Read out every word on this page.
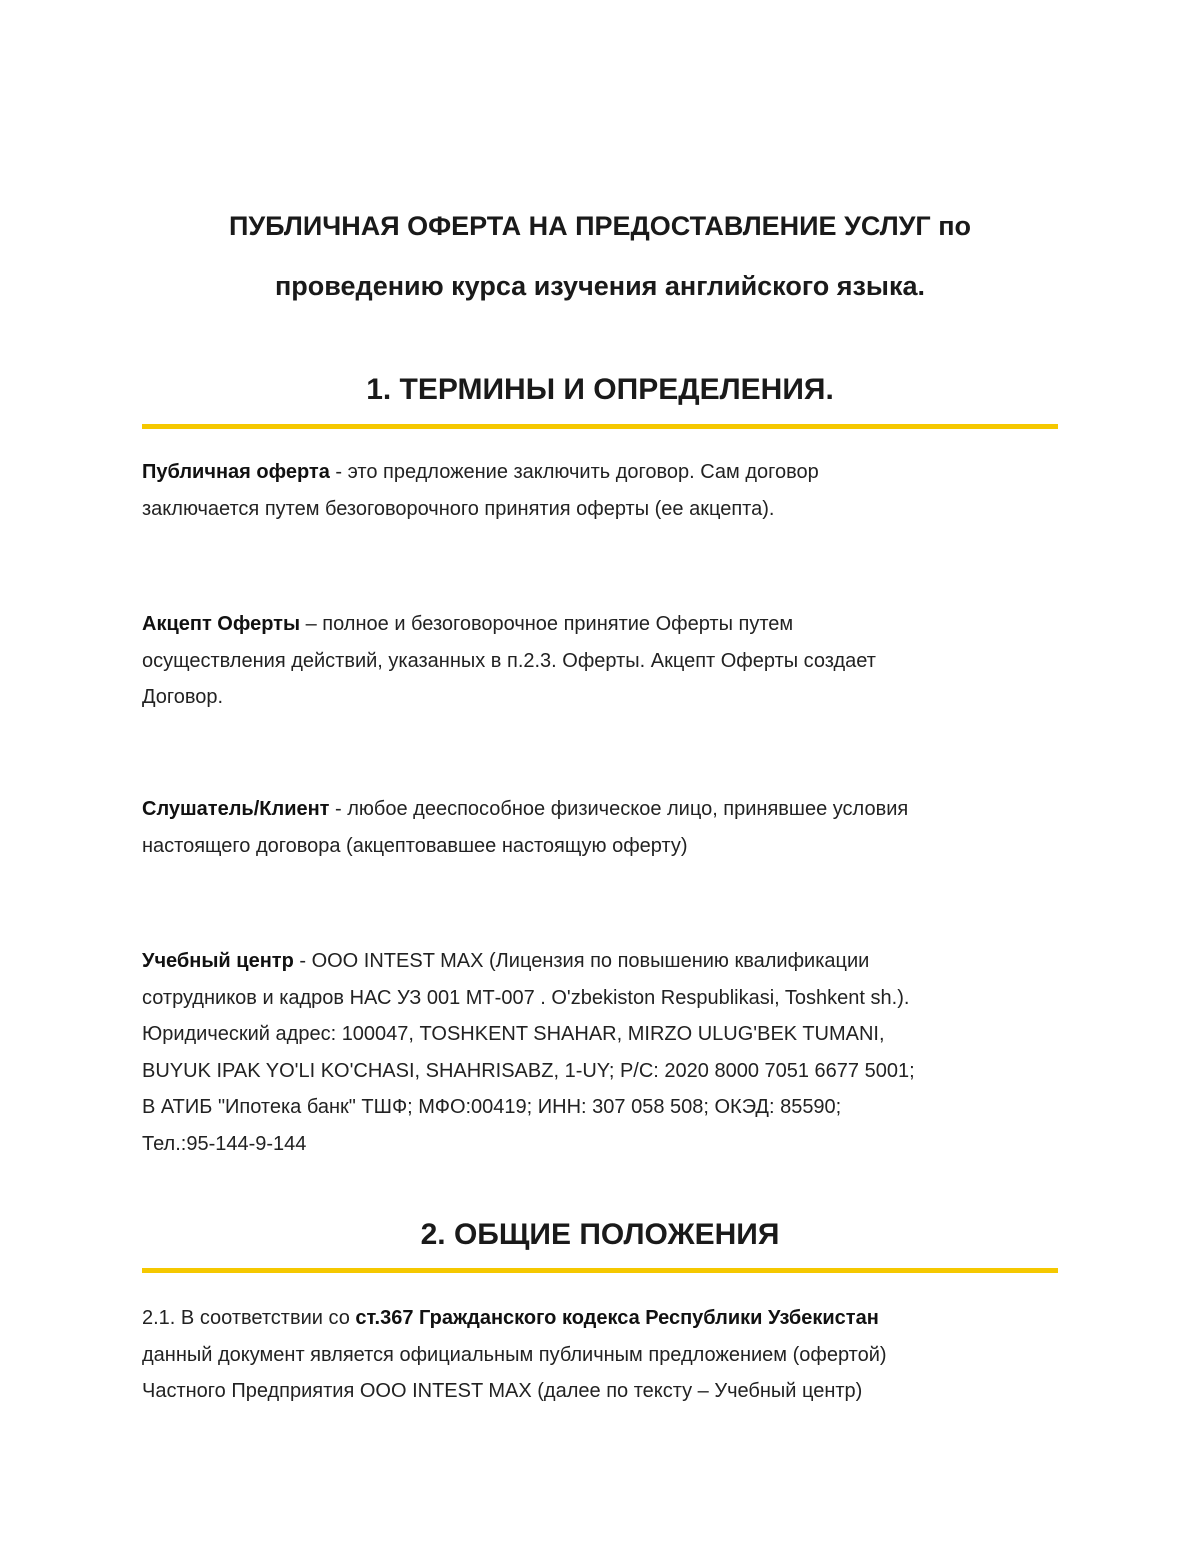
ПУБЛИЧНАЯ ОФЕРТА НА ПРЕДОСТАВЛЕНИЕ УСЛУГ по
проведению курса изучения английского языка.
1. ТЕРМИНЫ И ОПРЕДЕЛЕНИЯ.

Публичная оферта - это предложение заключить договор. Сам договор
заключается путем безоговорочного принятия оферты (ее акцепта).

Акцепт Оферты – полное и безоговорочное принятие Оферты путем
осуществления действий, указанных в п.2.3. Оферты. Акцепт Оферты создает
Договор.

Слушатель/Клиент - любое дееспособное физическое лицо, принявшее условия
настоящего договора (акцептовавшее настоящую оферту)

Учебный центр - ООО INTEST MAX (Лицензия по повышению квалификации
сотрудников и кадров НАС УЗ 001 МТ-007 . O'zbekiston Respublikasi, Toshkent sh.).
Юридический адрес: 100047, TOSHKENT SHAHAR, MIRZO ULUG'BEK TUMANI,
BUYUK IPAK YO'LI KO'CHASI, SHAHRISABZ, 1-UY; Р/С: 2020 8000 7051 6677 5001;
В АТИБ "Ипотека банк" ТШФ; МФО:00419; ИНН: 307 058 508; ОКЭД: 85590;
Тел.:95-144-9-144

2. ОБЩИЕ ПОЛОЖЕНИЯ

2.1. В соответствии со ст.367 Гражданского кодекса Республики Узбекистан
данный документ является официальным публичным предложением (офертой)
Частного Предприятия ООО INTEST MAX (далее по тексту – Учебный центр)
